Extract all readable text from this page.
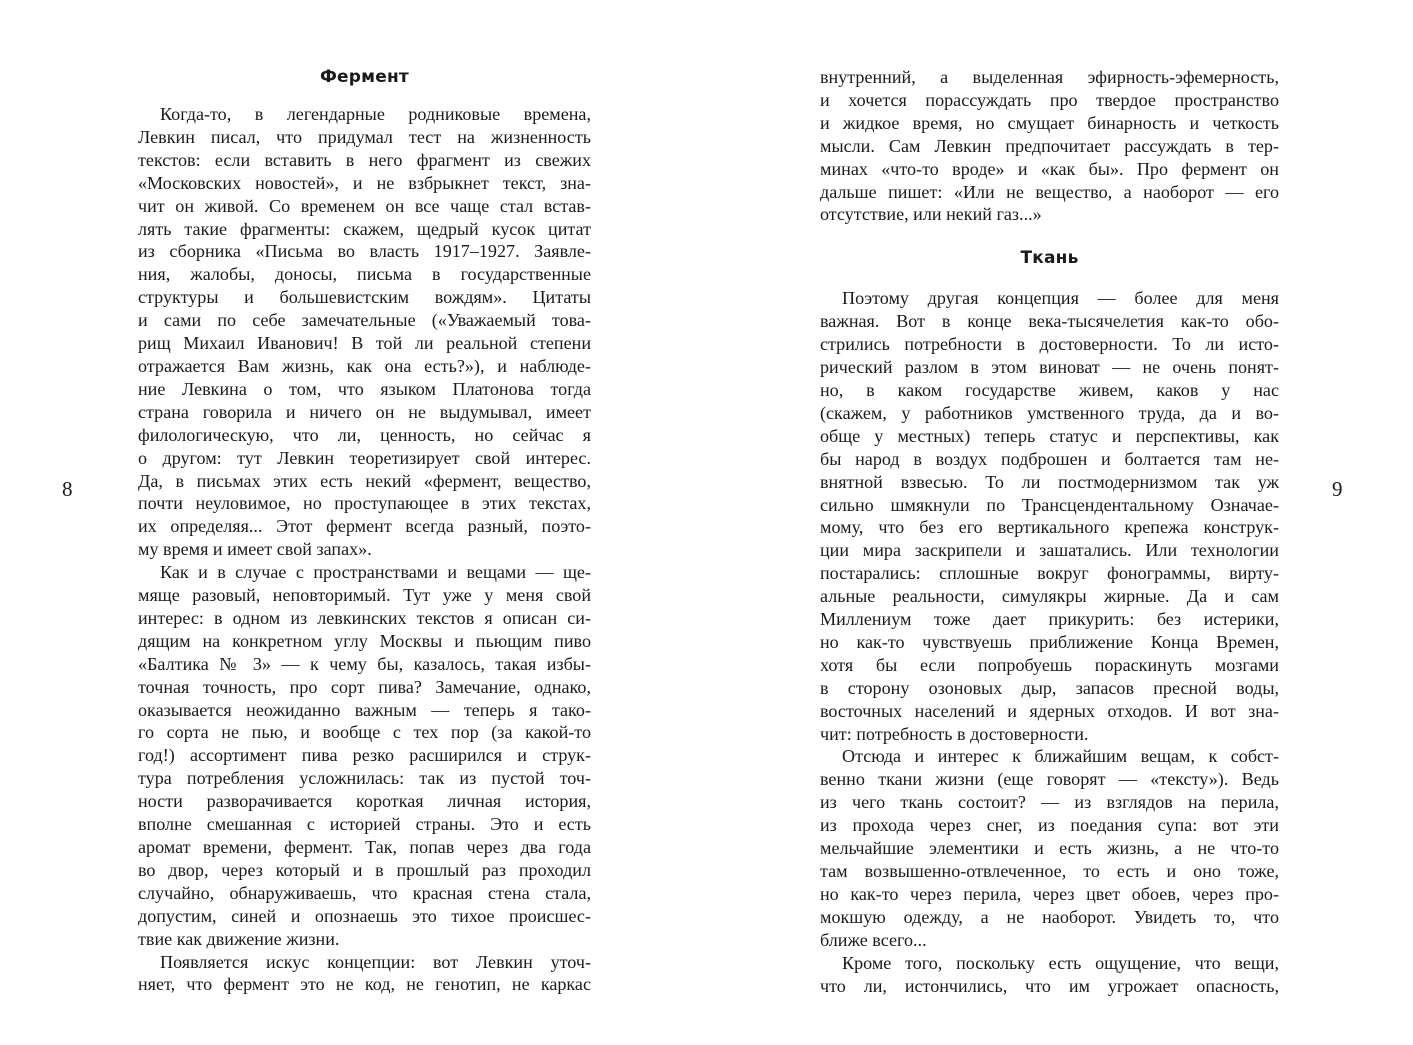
Фермент

Когда-то, в легендарные родниковые времена,
Левкин писал, что придумал тест на жизненность
текстов: если вставить в него фрагмент из свежих
«Московских новостей», и не взбрыкнет текст, зна-
чит он живой. Со временем он все чаще стал встав-
лять такие фрагменты: скажем, щедрый кусок цитат
из сборника «Письма во власть 1917–1927. Заявле-
ния, жалобы, доносы, письма в государственные
структуры и большевистским вождям». Цитаты
и сами по себе замечательные («Уважаемый това-
рищ Михаил Иванович! В той ли реальной степени
отражается Вам жизнь, как она есть?»), и наблюде-
ние Левкина о том, что языком Платонова тогда
страна говорила и ничего он не выдумывал, имеет
филологическую, что ли, ценность, но сейчас я
о другом: тут Левкин теоретизирует свой интерес.
Да, в письмах этих есть некий «фермент, вещество,
почти неуловимое, но проступающее в этих текстах,
их определяя... Этот фермент всегда разный, поэто-
му время и имеет свой запах».

Как и в случае с пространствами и вещами — ще-
мяще разовый, неповторимый. Тут уже у меня свой
интерес: в одном из левкинских текстов я описан си-
дящим на конкретном углу Москвы и пьющим пиво
«Балтика № 3» — к чему бы, казалось, такая избы-
точная точность, про сорт пива? Замечание, однако,
оказывается неожиданно важным — теперь я тако-
го сорта не пью, и вообще с тех пор (за какой-то
год!) ассортимент пива резко расширился и струк-
тура потребления усложнилась: так из пустой точ-
ности разворачивается короткая личная история,
вполне смешанная с историей страны. Это и есть
аромат времени, фермент. Так, попав через два года
во двор, через который и в прошлый раз проходил
случайно, обнаруживаешь, что красная стена стала,
допустим, синей и опознаешь это тихое происшес-
твие как движение жизни.

Появляется искус концепции: вот Левкин уточ-
няет, что фермент это не код, не генотип, не каркас

8

внутренний, а выделенная эфирность-эфемерность,
и хочется порассуждать про твердое пространство
и жидкое время, но смущает бинарность и четкость
мысли. Сам Левкин предпочитает рассуждать в тер-
минах «что-то вроде» и «как бы». Про фермент он
дальше пишет: «Или не вещество, а наоборот — его
отсутствие, или некий газ...»

Ткань

Поэтому другая концепция — более для меня
важная. Вот в конце века-тысячелетия как-то обо-
стрились потребности в достоверности. То ли исто-
рический разлом в этом виноват — не очень понят-
но, в каком государстве живем, каков у нас
(скажем, у работников умственного труда, да и во-
обще у местных) теперь статус и перспективы, как
бы народ в воздух подброшен и болтается там не-
внятной взвесью. То ли постмодернизмом так уж
сильно шмякнули по Трансцендентальному Означае-
мому, что без его вертикального крепежа конструк-
ции мира заскрипели и зашатались. Или технологии
постарались: сплошные вокруг фонограммы, вирту-
альные реальности, симулякры жирные. Да и сам
Миллениум тоже дает прикурить: без истерики,
но как-то чувствуешь приближение Конца Времен,
хотя бы если попробуешь пораскинуть мозгами
в сторону озоновых дыр, запасов пресной воды,
восточных населений и ядерных отходов. И вот зна-
чит: потребность в достоверности.

Отсюда и интерес к ближайшим вещам, к собст-
венно ткани жизни (еще говорят — «тексту»). Ведь
из чего ткань состоит? — из взглядов на перила,
из прохода через снег, из поедания супа: вот эти
мельчайшие элементики и есть жизнь, а не что-то
там возвышенно-отвлеченное, то есть и оно тоже,
но как-то через перила, через цвет обоев, через про-
мокшую одежду, а не наоборот. Увидеть то, что
ближе всего...

Кроме того, поскольку есть ощущение, что вещи,
что ли, истончились, что им угрожает опасность,

9
